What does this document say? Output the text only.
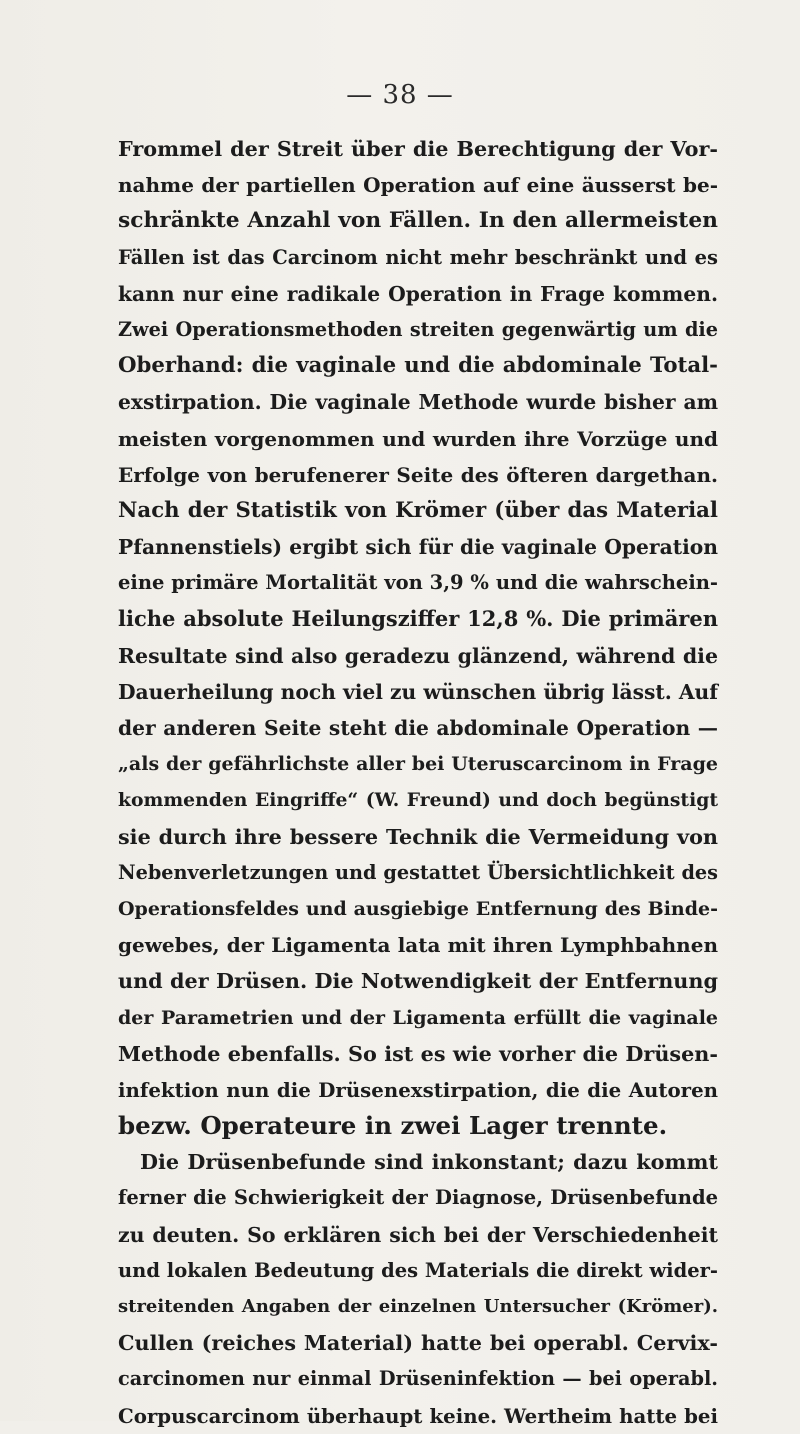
— 38 —
Frommel der Streit über die Berechtigung der Vor-
nahme der partiellen Operation auf eine äusserst be-
schränkte Anzahl von Fällen. In den allermeisten
Fällen ist das Carcinom nicht mehr beschränkt und es
kann nur eine radikale Operation in Frage kommen.
Zwei Operationsmethoden streiten gegenwärtig um die
Oberhand: die vaginale und die abdominale Total-
exstirpation. Die vaginale Methode wurde bisher am
meisten vorgenommen und wurden ihre Vorzüge und
Erfolge von berufenerer Seite des öfteren dargethan.
Nach der Statistik von Krömer (über das Material
Pfannenstiels) ergibt sich für die vaginale Operation
eine primäre Mortalität von 3,9 % und die wahrschein-
liche absolute Heilungsziffer 12,8 %. Die primären
Resultate sind also geradezu glänzend, während die
Dauerheilung noch viel zu wünschen übrig lässt. Auf
der anderen Seite steht die abdominale Operation —
„als der gefährlichste aller bei Uteruscarcinom in Frage
kommenden Eingriffe“ (W. Freund) und doch begünstigt
sie durch ihre bessere Technik die Vermeidung von
Nebenverletzungen und gestattet Übersichtlichkeit des
Operationsfeldes und ausgiebige Entfernung des Binde-
gewebes, der Ligamenta lata mit ihren Lymphbahnen
und der Drüsen. Die Notwendigkeit der Entfernung
der Parametrien und der Ligamenta erfüllt die vaginale
Methode ebenfalls. So ist es wie vorher die Drüsen-
infektion nun die Drüsenexstirpation, die die Autoren
bezw. Operateure in zwei Lager trennte.
Die Drüsenbefunde sind inkonstant; dazu kommt
ferner die Schwierigkeit der Diagnose, Drüsenbefunde
zu deuten. So erklären sich bei der Verschiedenheit
und lokalen Bedeutung des Materials die direkt wider-
streitenden Angaben der einzelnen Untersucher (Krömer).
Cullen (reiches Material) hatte bei operabl. Cervix-
carcinomen nur einmal Drüseninfektion — bei operabl.
Corpuscarcinom überhaupt keine. Wertheim hatte bei
